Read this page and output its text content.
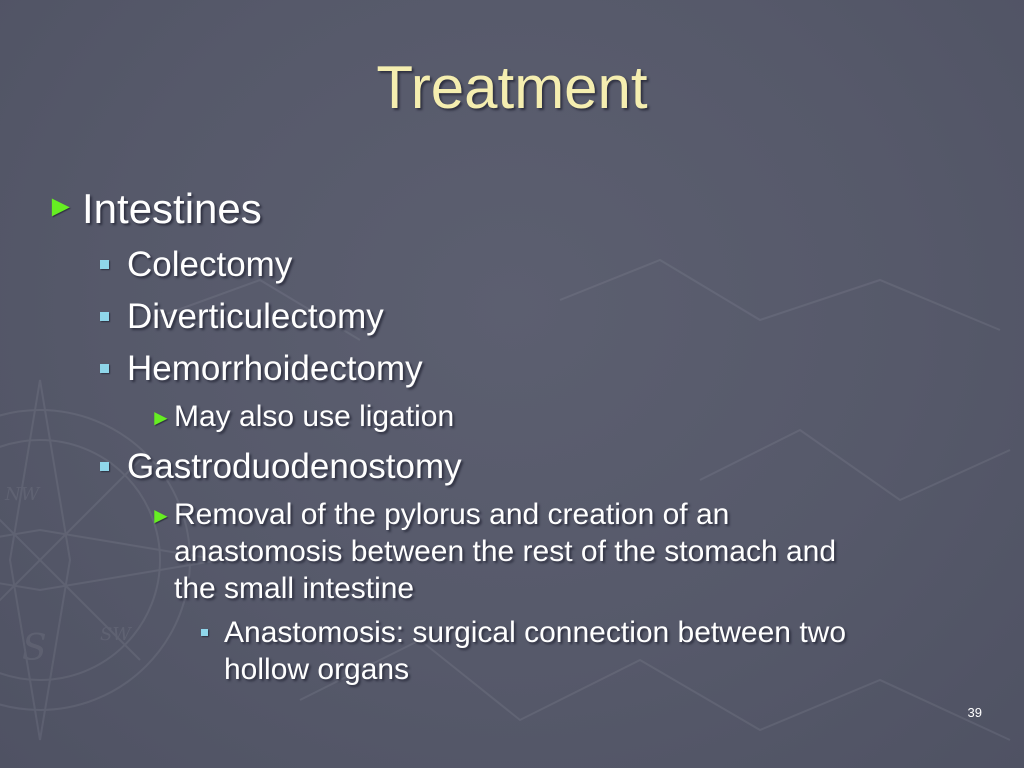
S	SW
NW
Treatment
► Intestines
Colectomy
Diverticulectomy
Hemorrhoidectomy
► May also use ligation
Gastroduodenostomy
► Removal of the pylorus and creation of an
anastomosis between the rest of the stomach and
the small intestine
Anastomosis: surgical connection between two
hollow organs
39
